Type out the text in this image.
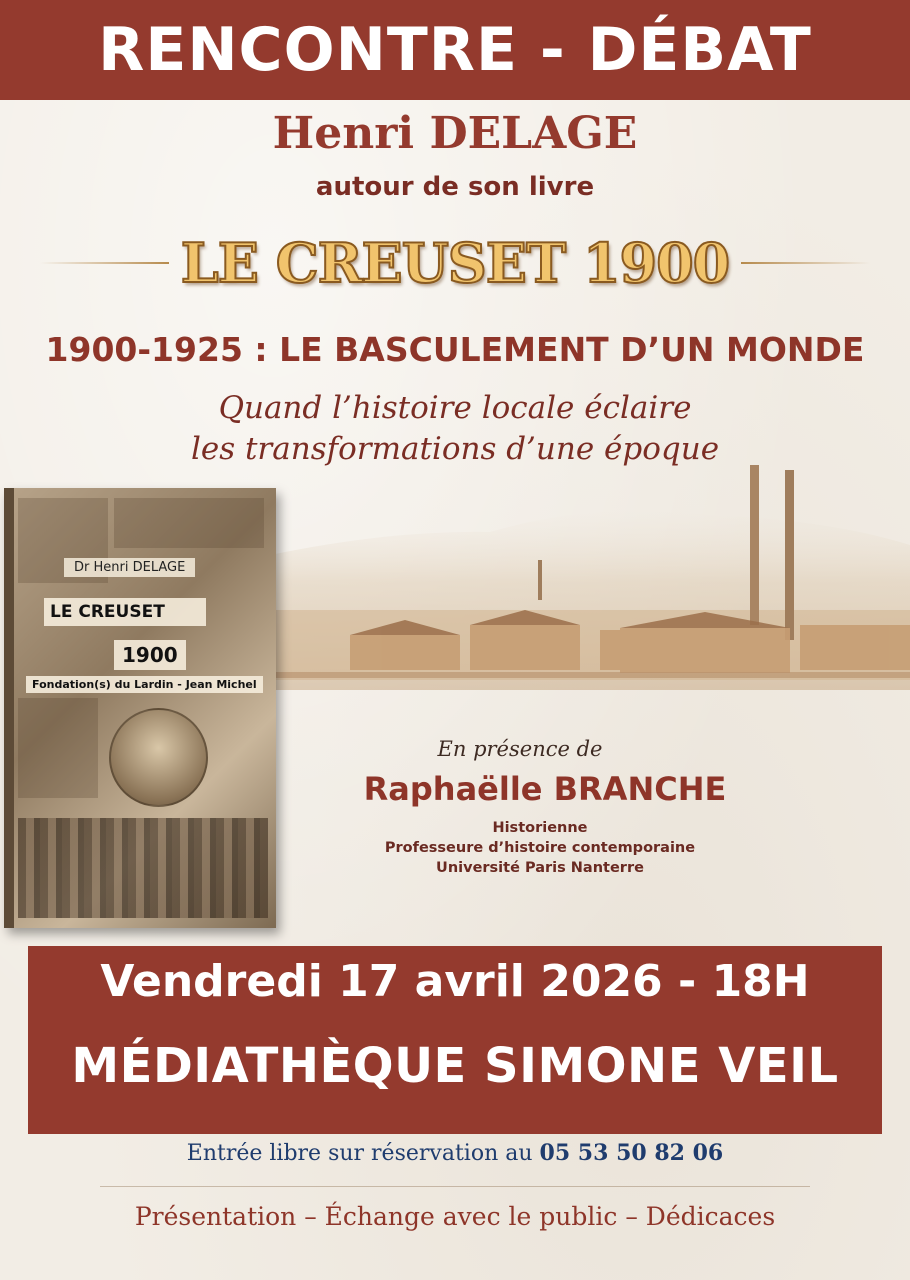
RENCONTRE - DÉBAT
Henri DELAGE
autour de son livre
LE CREUSET 1900
1900-1925 : LE BASCULEMENT D’UN MONDE
Quand l’histoire locale éclaire
les transformations d’une époque
Dr Henri DELAGE
LE CREUSET
1900
Fondation(s) du Lardin - Jean Michel
En présence de
Raphaëlle BRANCHE
Historienne
Professeure d’histoire contemporaine
Université Paris Nanterre
Vendredi 17 avril 2026 - 18H
MÉDIATHÈQUE SIMONE VEIL
Entrée libre sur réservation au 05 53 50 82 06
Présentation – Échange avec le public – Dédicaces
